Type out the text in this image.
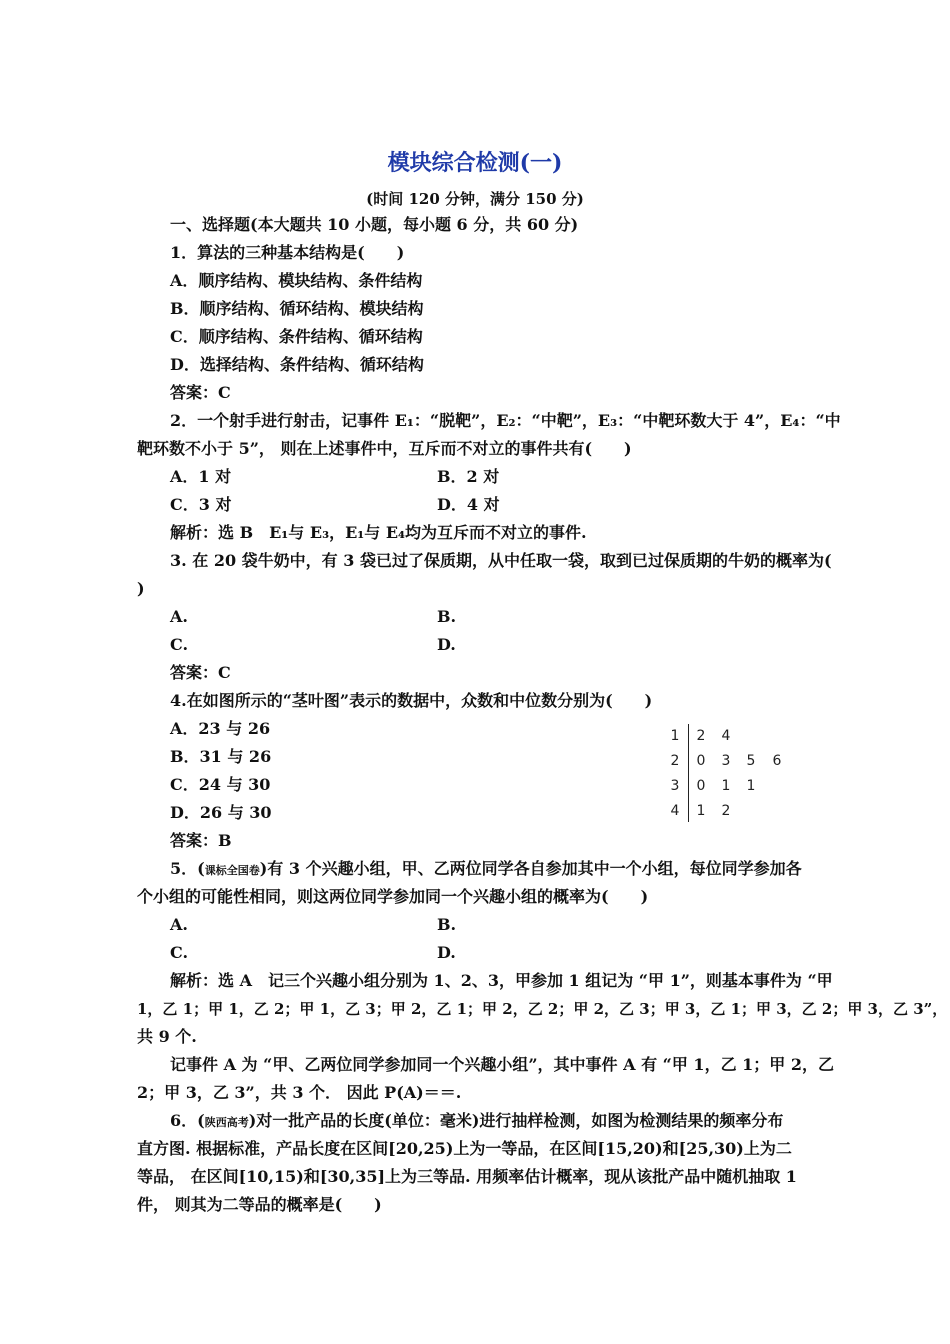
模块综合检测(一)
(时间 120 分钟，满分 150 分)
一、选择题(本大题共 10 小题，每小题 6 分，共 60 分)
1．算法的三种基本结构是(　　)
A．顺序结构、模块结构、条件结构
B．顺序结构、循环结构、模块结构
C．顺序结构、条件结构、循环结构
D．选择结构、条件结构、循环结构
答案：C
2．一个射手进行射击，记事件 E₁：“脱靶”，E₂：“中靶”，E₃：“中靶环数大于 4”，E₄：“中
靶环数不小于 5”， 则在上述事件中，互斥而不对立的事件共有(　　)
A．1 对	B．2 对
C．3 对	D．4 对
解析：选 B　E₁与 E₃，E₁与 E₄均为互斥而不对立的事件.
3. 在 20 袋牛奶中，有 3 袋已过了保质期，从中任取一袋，取到已过保质期的牛奶的概率为(
)
A.	B.
C.	D.
答案：C
4.在如图所示的“茎叶图”表示的数据中，众数和中位数分别为(　　)
A．23 与 26
B．31 与 26
C．24 与 30
D．26 与 30
答案：B
1 2 4
2 0 3 5 6
3 0 1 1
4 1 2
5．(课标全国卷)有 3 个兴趣小组，甲、乙两位同学各自参加其中一个小组，每位同学参加各
个小组的可能性相同，则这两位同学参加同一个兴趣小组的概率为(　　)
A.	B.
C.	D.
解析：选 A　记三个兴趣小组分别为 1、2、3，甲参加 1 组记为 “甲 1”，则基本事件为 “甲
1，乙 1；甲 1，乙 2；甲 1，乙 3；甲 2，乙 1；甲 2，乙 2；甲 2，乙 3；甲 3，乙 1；甲 3，乙 2；甲 3，乙 3”，
共 9 个.
记事件 A 为 “甲、乙两位同学参加同一个兴趣小组”，其中事件 A 有 “甲 1，乙 1；甲 2，乙
2；甲 3，乙 3”，共 3 个． 因此 P(A)＝＝.
6．(陕西高考)对一批产品的长度(单位：毫米)进行抽样检测，如图为检测结果的频率分布
直方图. 根据标准，产品长度在区间[20,25)上为一等品，在区间[15,20)和[25,30)上为二
等品， 在区间[10,15)和[30,35]上为三等品. 用频率估计概率，现从该批产品中随机抽取 1
件， 则其为二等品的概率是(　　)
